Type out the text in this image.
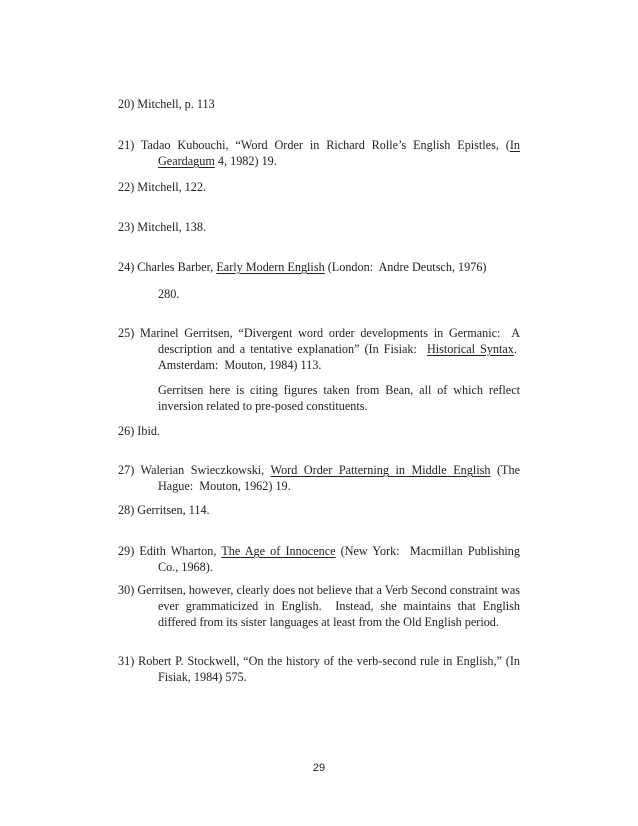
20) Mitchell, p. 113

21) Tadao Kubouchi, “Word Order in Richard Rolle’s English Epistles, (In Geardagum 4, 1982) 19.

22) Mitchell, 122.

23) Mitchell, 138.

24) Charles Barber, Early Modern English (London:  Andre Deutsch, 1976)

280.

25) Marinel Gerritsen, “Divergent word order developments in Germanic:  A description and a tentative explanation” (In Fisiak:  Historical Syntax.  Amsterdam:  Mouton, 1984) 113.

Gerritsen here is citing figures taken from Bean, all of which reflect inversion related to pre-posed constituents.

26) Ibid.

27) Walerian Swieczkowski, Word Order Patterning in Middle English (The Hague:  Mouton, 1962) 19.

28) Gerritsen, 114.

29) Edith Wharton, The Age of Innocence (New York:  Macmillan Publishing Co., 1968).

30) Gerritsen, however, clearly does not believe that a Verb Second constraint was ever grammaticized in English.  Instead, she maintains that English differed from its sister languages at least from the Old English period.

31) Robert P. Stockwell, “On the history of the verb-second rule in English,” (In Fisiak, 1984) 575.

29
